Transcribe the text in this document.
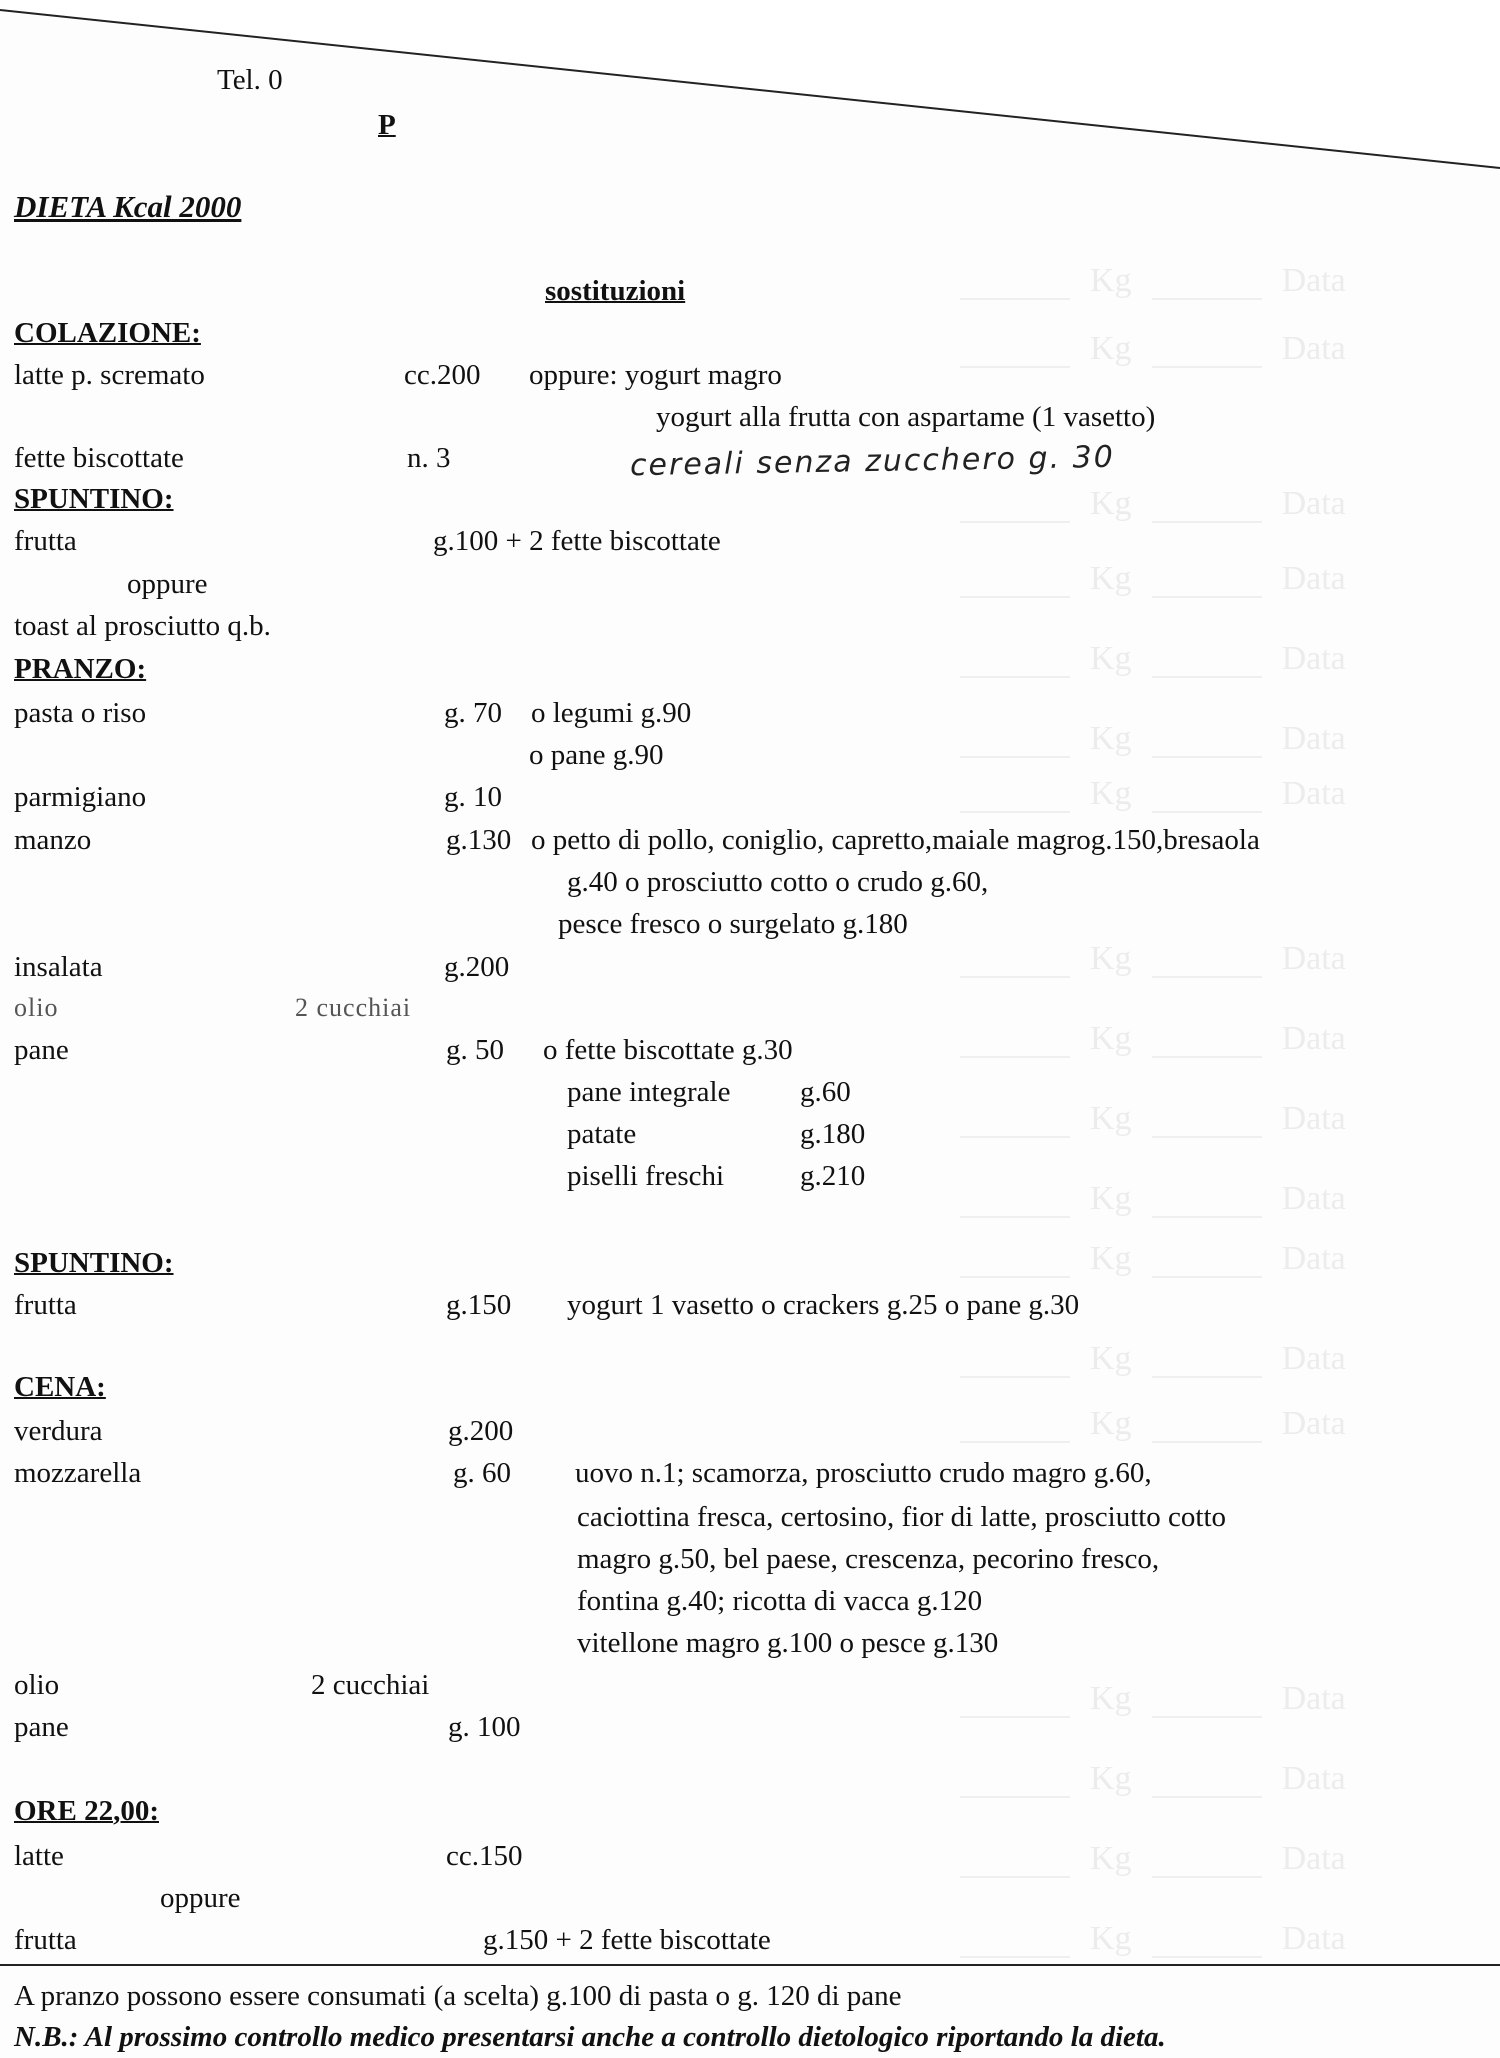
Kg	Data
Kg	Data
Kg	Data
Kg	Data
Kg	Data
Kg	Data
Kg	Data
Kg	Data
Kg	Data
Kg	Data
Kg	Data
Kg	Data
Kg	Data
Kg	Data
Kg	Data
Kg	Data
Kg	Data
Kg	Data
Tel. 0
P
DIETA Kcal 2000
sostituzioni
COLAZIONE:
latte p. scremato	cc.200 oppure: yogurt magro
yogurt alla frutta con aspartame (1 vasetto)
fette biscottate	n. 3	cereali senza zucchero g. 30
SPUNTINO:
frutta	g.100 + 2 fette biscottate
oppure
toast al prosciutto q.b.
PRANZO:
pasta o riso	g. 70 o legumi g.90
o pane g.90
parmigiano	g. 10
manzo	g.130 o petto di pollo, coniglio, capretto,maiale magrog.150,bresaola
g.40 o prosciutto cotto o crudo g.60,
pesce fresco o surgelato g.180
insalata	g.200
olio	2 cucchiai
pane	g. 50 o fette biscottate g.30
pane integrale g.60
patate	g.180
piselli freschi	g.210
SPUNTINO:
frutta	g.150 yogurt 1 vasetto o crackers g.25 o pane g.30
CENA:
verdura	g.200
mozzarella	g. 60 uovo n.1; scamorza, prosciutto crudo magro g.60,
caciottina fresca, certosino, fior di latte, prosciutto cotto
magro g.50, bel paese, crescenza, pecorino fresco,
fontina g.40; ricotta di vacca g.120
vitellone magro g.100 o pesce g.130
olio	2 cucchiai
pane	g. 100
ORE 22,00:
latte	cc.150
oppure
frutta	g.150 + 2 fette biscottate
A pranzo possono essere consumati (a scelta) g.100 di pasta o g. 120 di pane
N.B.: Al prossimo controllo medico presentarsi anche a controllo dietologico riportando la dieta.
